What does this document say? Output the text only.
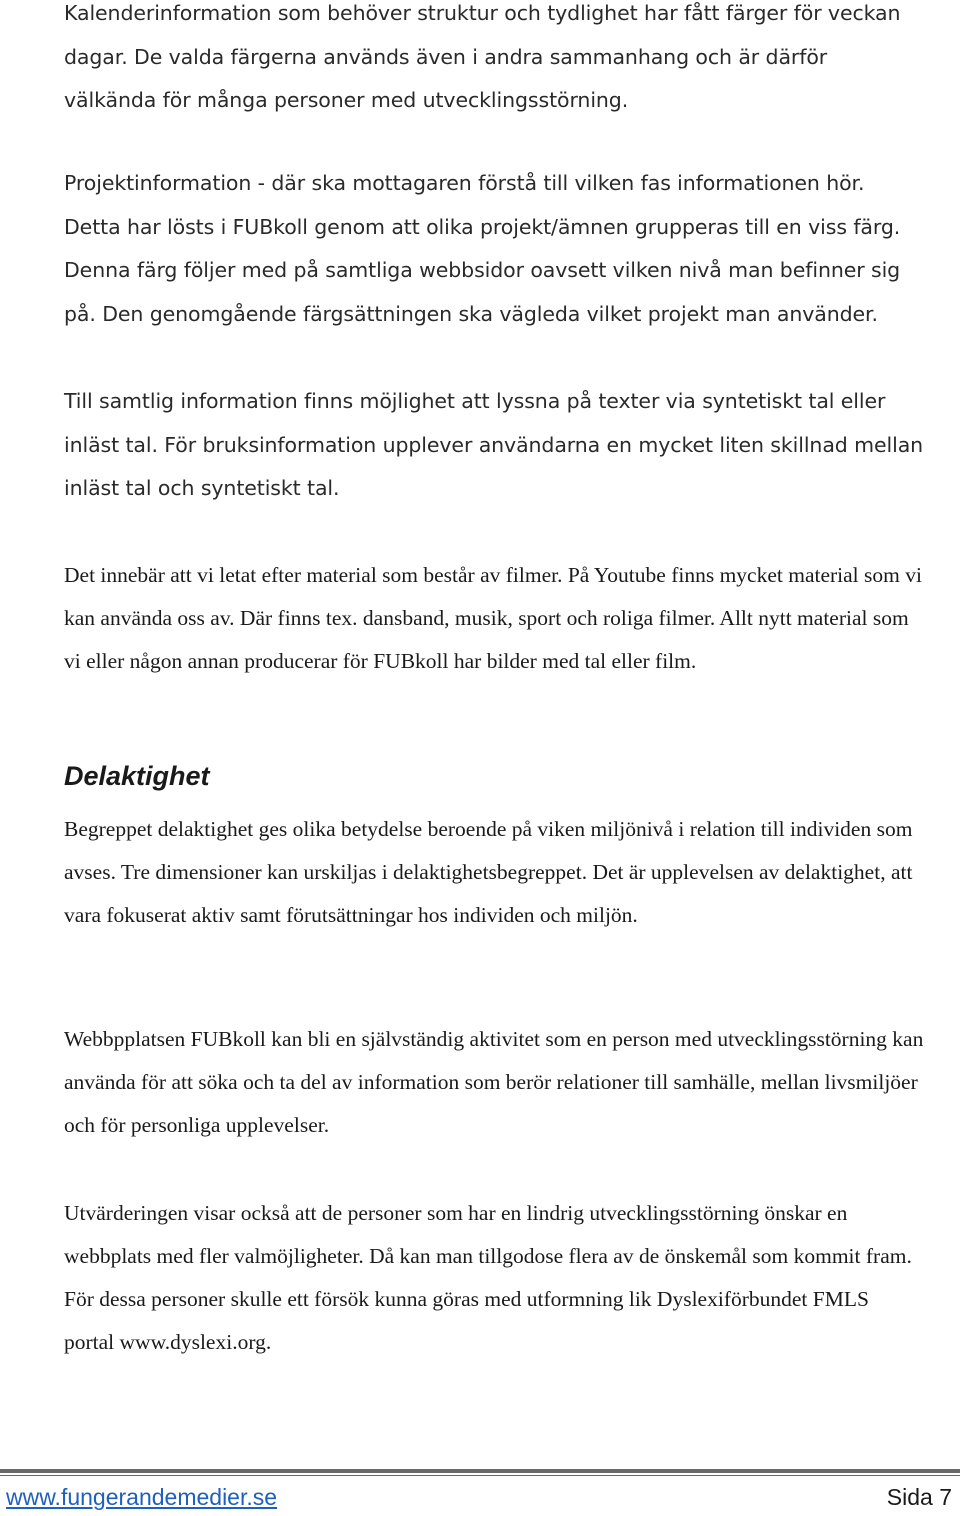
Kalenderinformation som behöver struktur och tydlighet har fått färger för veckan dagar. De valda färgerna används även i andra sammanhang och är därför välkända för många personer med utvecklingsstörning.

Projektinformation - där ska mottagaren förstå till vilken fas informationen hör. Detta har lösts i FUBkoll genom att olika projekt/ämnen grupperas till en viss färg. Denna färg följer med på samtliga webbsidor oavsett vilken nivå man befinner sig på. Den genomgående färgsättningen ska vägleda vilket projekt man använder.

Till samtlig information finns möjlighet att lyssna på texter via syntetiskt tal eller inläst tal. För bruksinformation upplever användarna en mycket liten skillnad mellan inläst tal och syntetiskt tal.

Det innebär att vi letat efter material som består av filmer. På Youtube finns mycket material som vi kan använda oss av. Där finns tex. dansband, musik, sport och roliga filmer. Allt nytt material som vi eller någon annan producerar för FUBkoll har bilder med tal eller film.

Delaktighet

Begreppet delaktighet ges olika betydelse beroende på viken miljönivå i relation till individen som avses. Tre dimensioner kan urskiljas i delaktighetsbegreppet. Det är upplevelsen av delaktighet, att vara fokuserat aktiv samt förutsättningar hos individen och miljön.

Webbpplatsen FUBkoll kan bli en självständig aktivitet som en person med utvecklingsstörning kan använda för att söka och ta del av information som berör relationer till samhälle, mellan livsmiljöer och för personliga upplevelser.

Utvärderingen visar också att de personer som har en lindrig utvecklingsstörning önskar en webbplats med fler valmöjligheter. Då kan man tillgodose flera av de önskemål som kommit fram. För dessa personer skulle ett försök kunna göras med utformning lik Dyslexiförbundet FMLS portal www.dyslexi.org.

www.fungerandemedier.se	Sida 7
